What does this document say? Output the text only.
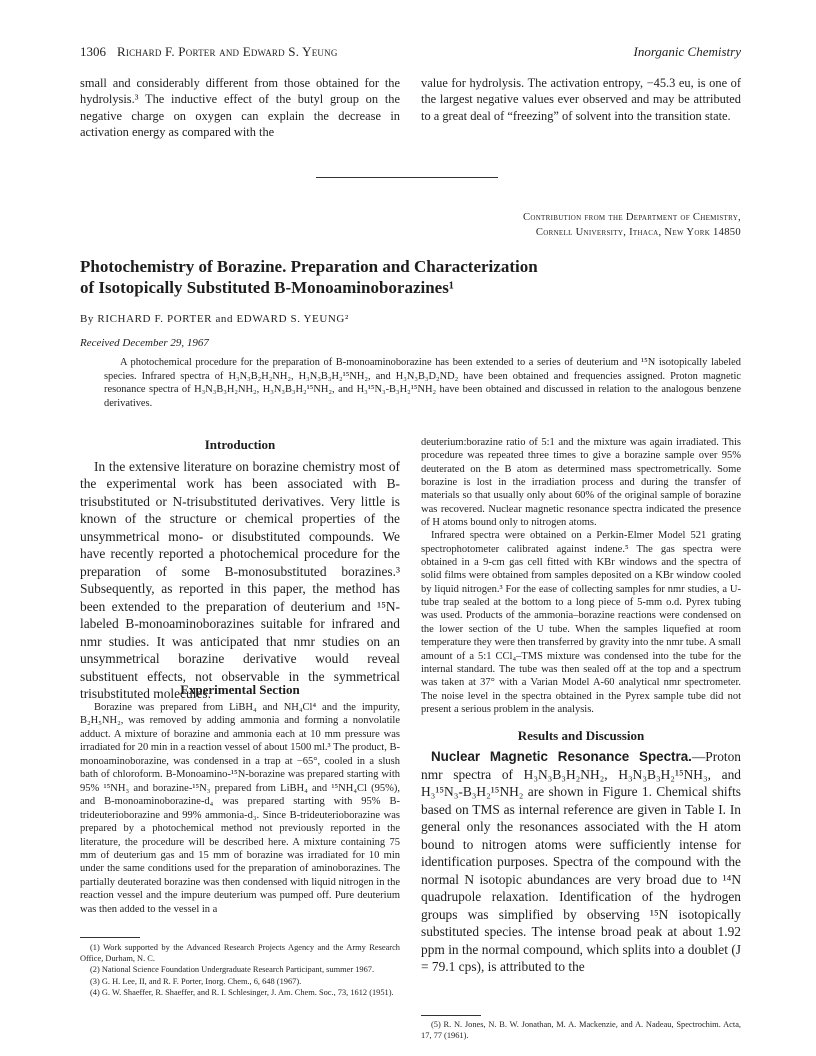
1306 Richard F. Porter and Edward S. Yeung	Inorganic Chemistry
small and considerably different from those obtained for the hydrolysis.³ The inductive effect of the butyl group on the negative charge on oxygen can explain the decrease in activation energy as compared with the
value for hydrolysis. The activation entropy, −45.3 eu, is one of the largest negative values ever observed and may be attributed to a great deal of “freezing” of solvent into the transition state.
Contribution from the Department of Chemistry,
Cornell University, Ithaca, New York 14850
Photochemistry of Borazine. Preparation and Characterization
of Isotopically Substituted B-Monoaminoborazines¹
By RICHARD F. PORTER and EDWARD S. YEUNG²
Received December 29, 1967

A photochemical procedure for the preparation of B-monoaminoborazine has been extended to a series of deuterium and ¹⁵N isotopically labeled species. Infrared spectra of H₃N₃B₂H₂NH₂, H₃N₃B₃H₂¹⁵NH₂, and H₃N₃B₃D₂ND₂ have been obtained and frequencies assigned. Proton magnetic resonance spectra of H₃N₃B₃H₂NH₂, H₃N₃B₃H₂¹⁵NH₂, and H₃¹⁵N₃-B₃H₂¹⁵NH₂ have been obtained and discussed in relation to the analogous benzene derivatives.

Introduction

In the extensive literature on borazine chemistry most of the experimental work has been associated with B-trisubstituted or N-trisubstituted derivatives. Very little is known of the structure or chemical properties of the unsymmetrical mono- or disubstituted compounds. We have recently reported a photochemical procedure for the preparation of some B-monosubstituted borazines.³ Subsequently, as reported in this paper, the method has been extended to the preparation of deuterium and ¹⁵N-labeled B-monoaminoborazines suitable for infrared and nmr studies. It was anticipated that nmr studies on an unsymmetrical borazine derivative would reveal substituent effects, not observable in the symmetrical trisubstituted molecules.

Experimental Section

Borazine was prepared from LiBH₄ and NH₄Cl⁴ and the impurity, B₂H₅NH₂, was removed by adding ammonia and forming a nonvolatile adduct. A mixture of borazine and ammonia each at 10 mm pressure was irradiated for 20 min in a reaction vessel of about 1500 ml.³ The product, B-monoaminoborazine, was condensed in a trap at −65°, cooled in a slush bath of chloroform. B-Monoamino-¹⁵N-borazine was prepared starting with 95% ¹⁵NH₃ and borazine-¹⁵N₃ prepared from LiBH₄ and ¹⁵NH₄Cl (95%), and B-monoaminoborazine-d₄ was prepared starting with 95% B-trideuterioborazine and 99% ammonia-d₃. Since B-trideuterioborazine was prepared by a photochemical method not previously reported in the literature, the procedure will be described here. A mixture containing 75 mm of deuterium gas and 15 mm of borazine was irradiated for 10 min under the same conditions used for the preparation of aminoborazines. The partially deuterated borazine was then condensed with liquid nitrogen in the reaction vessel and the impure deuterium was pumped off. Pure deuterium was then added to the vessel in a

(1) Work supported by the Advanced Research Projects Agency and the Army Research Office, Durham, N. C.

(2) National Science Foundation Undergraduate Research Participant, summer 1967.

(3) G. H. Lee, II, and R. F. Porter, Inorg. Chem., 6, 648 (1967).

(4) G. W. Shaeffer, R. Shaeffer, and R. I. Schlesinger, J. Am. Chem. Soc., 73, 1612 (1951).

deuterium:borazine ratio of 5:1 and the mixture was again irradiated. This procedure was repeated three times to give a borazine sample over 95% deuterated on the B atom as determined mass spectrometrically. Some borazine is lost in the irradiation process and during the transfer of materials so that usually only about 60% of the original sample of borazine was recovered. Nuclear magnetic resonance spectra indicated the presence of H atoms bound only to nitrogen atoms.

Infrared spectra were obtained on a Perkin-Elmer Model 521 grating spectrophotometer calibrated against indene.⁵ The gas spectra were obtained in a 9-cm gas cell fitted with KBr windows and the spectra of solid films were obtained from samples deposited on a KBr window cooled by liquid nitrogen.³ For the ease of collecting samples for nmr studies, a U-tube trap sealed at the bottom to a long piece of 5-mm o.d. Pyrex tubing was used. Products of the ammonia–borazine reactions were condensed on the lower section of the U tube. When the samples liquefied at room temperature they were then transferred by gravity into the nmr tube. A small amount of a 5:1 CCl₄–TMS mixture was condensed into the tube for the internal standard. The tube was then sealed off at the top and a spectrum was taken at 37° with a Varian Model A-60 analytical nmr spectrometer. The noise level in the spectra obtained in the Pyrex sample tube did not present a serious problem in the analysis.

Results and Discussion

Nuclear Magnetic Resonance Spectra.—Proton nmr spectra of H₃N₃B₃H₂NH₂, H₃N₃B₃H₂¹⁵NH₃, and H₃¹⁵N₃-B₃H₂¹⁵NH₂ are shown in Figure 1. Chemical shifts based on TMS as internal reference are given in Table I. In general only the resonances associated with the H atom bound to nitrogen atoms were sufficiently intense for identification purposes. Spectra of the compound with the normal N isotopic abundances are very broad due to ¹⁴N quadrupole relaxation. Identification of the hydrogen groups was simplified by observing ¹⁵N isotopically substituted species. The intense broad peak at about 1.92 ppm in the normal compound, which splits into a doublet (J = 79.1 cps), is attributed to the

(5) R. N. Jones, N. B. W. Jonathan, M. A. Mackenzie, and A. Nadeau, Spectrochim. Acta, 17, 77 (1961).
